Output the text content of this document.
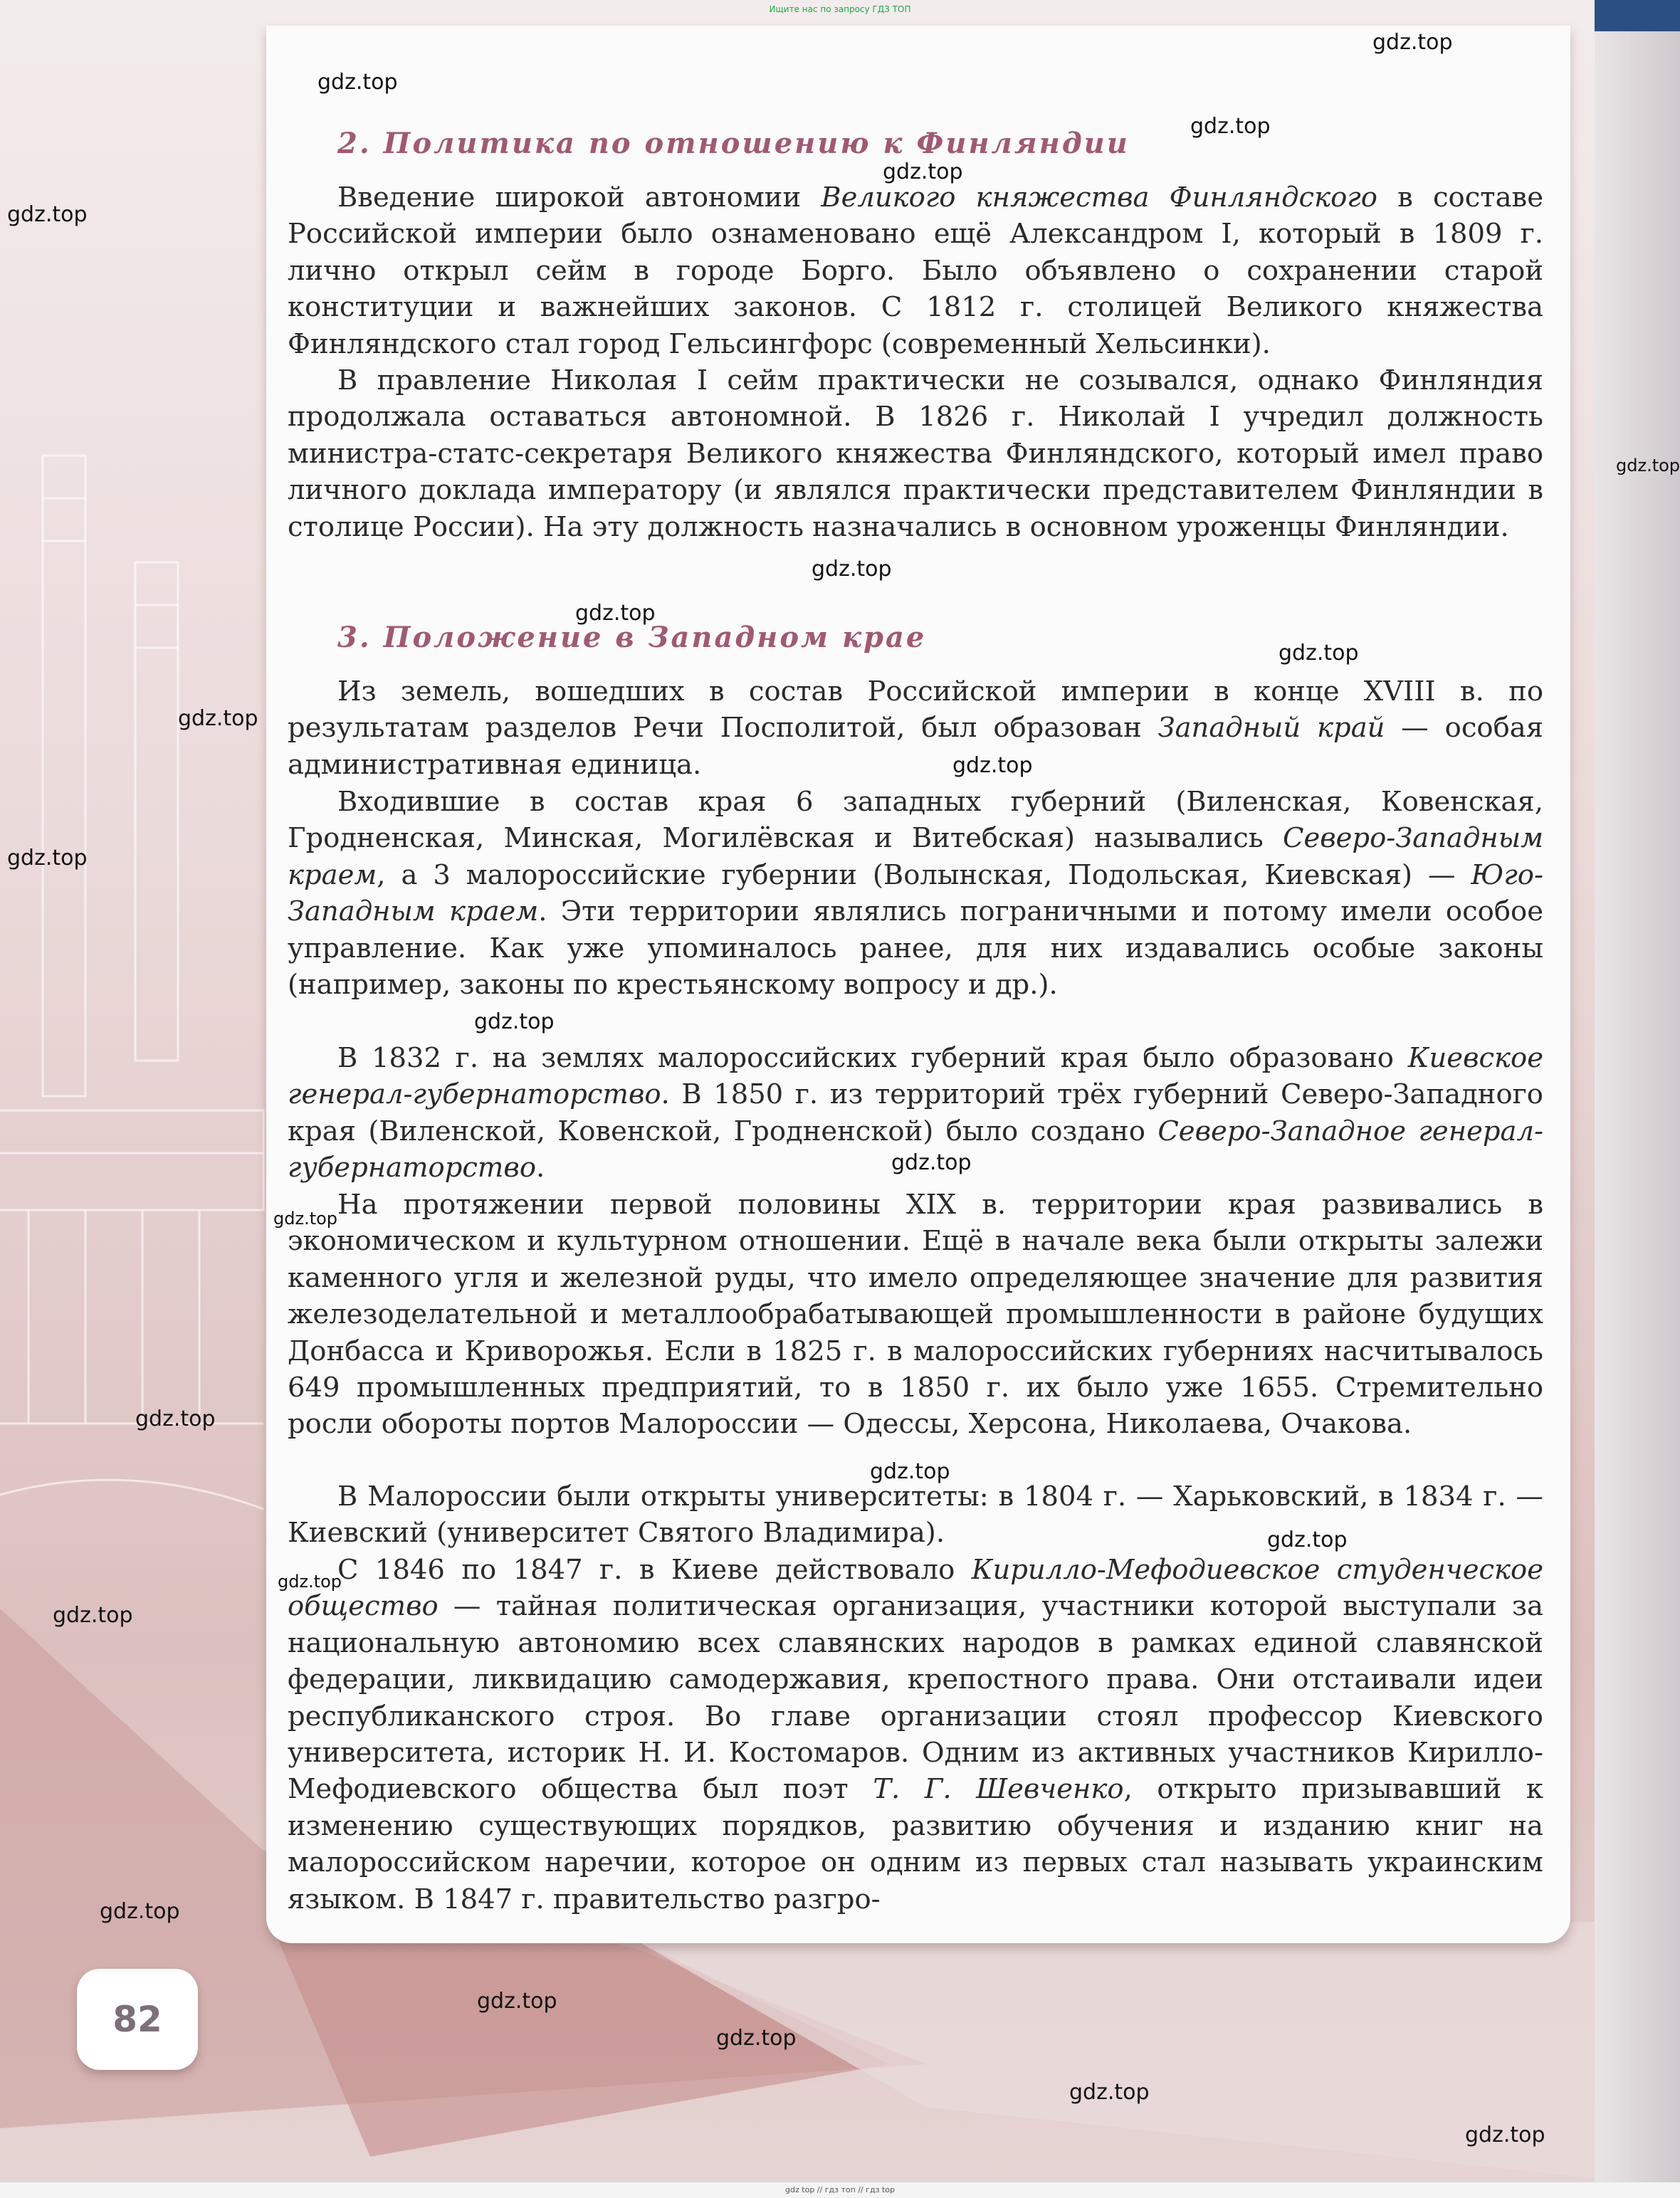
Ищите нас по запросу ГДЗ ТОП
2. Политика по отношению к Финляндии

Введение широкой автономии Великого княжества Финляндского в составе Российской империи было ознаменовано ещё Александром I, который в 1809 г. лично открыл сейм в городе Борго. Было объявлено о сохранении старой конституции и важнейших законов. С 1812 г. столицей Великого княжества Финляндского стал город Гельсингфорс (современный Хельсинки).

В правление Николая I сейм практически не созывался, однако Финляндия продолжала оставаться автономной. В 1826 г. Николай I учредил должность министра-статс-секретаря Великого княжества Финляндского, который имел право личного доклада императору (и являлся практически представителем Финляндии в столице России). На эту должность назначались в основном уроженцы Финляндии.

3. Положение в Западном крае

Из земель, вошедших в состав Российской империи в конце XVIII в. по результатам разделов Речи Посполитой, был образован Западный край — особая административная единица.

Входившие в состав края 6 западных губерний (Виленская, Ковенская, Гродненская, Минская, Могилёвская и Витебская) назывались Северо-Западным краем, а 3 малороссийские губернии (Волынская, Подольская, Киевская) — Юго-Западным краем. Эти территории являлись пограничными и потому имели особое управление. Как уже упоминалось ранее, для них издавались особые законы (например, законы по крестьянскому вопросу и др.).

В 1832 г. на землях малороссийских губерний края было образовано Киевское генерал-губернаторство. В 1850 г. из территорий трёх губерний Северо-Западного края (Виленской, Ковенской, Гродненской) было создано Северо-Западное генерал-губернаторство.

На протяжении первой половины XIX в. территории края развивались в экономическом и культурном отношении. Ещё в начале века были открыты залежи каменного угля и железной руды, что имело определяющее значение для развития железоделательной и металлообрабатывающей промышленности в районе будущих Донбасса и Криворожья. Если в 1825 г. в малороссийских губерниях насчитывалось 649 промышленных предприятий, то в 1850 г. их было уже 1655. Стремительно росли обороты портов Малороссии — Одессы, Херсона, Николаева, Очакова.

В Малороссии были открыты университеты: в 1804 г. — Харьковский, в 1834 г. — Киевский (университет Святого Владимира).

С 1846 по 1847 г. в Киеве действовало Кирилло-Мефодиевское студенческое общество — тайная политическая организация, участники которой выступали за национальную автономию всех славянских народов в рамках единой славянской федерации, ликвидацию самодержавия, крепостного права. Они отстаивали идеи республиканского строя. Во главе организации стоял профессор Киевского университета, историк Н. И. Костомаров. Одним из активных участников Кирилло-Мефодиевского общества был поэт Т. Г. Шевченко, открыто призывавший к изменению существующих порядков, развитию обучения и изданию книг на малороссийском наречии, которое он одним из первых стал называть украинским языком. В 1847 г. правительство разгро-

82
gdz.top
gdz.top
gdz.top
gdz.top
gdz.top
gdz.top
gdz.top
gdz.top
gdz.top
gdz.top
gdz.top
gdz.top
gdz.top
gdz.top
gdz.top
gdz.top
gdz.top
gdz.top
gdz.top
gdz.top
gdz.top
gdz.top
gdz.top
gdz.top
gdz.top
gdz top // гдз топ // гдз top
